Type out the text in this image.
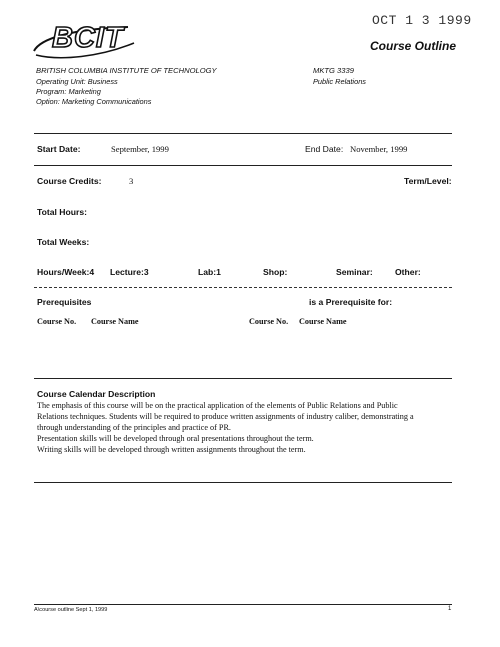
OCT 1 3 1999
BCIT	Course Outline
BRITISH COLUMBIA INSTITUTE OF TECHNOLOGY
Operating Unit: Business
Program: Marketing
Option: Marketing Communications
MKTG 3339
Public Relations
Start Date:	September, 1999	End Date: November, 1999
Course Credits:	3	Term/Level:
Total Hours:
Total Weeks:
Hours/Week:4 Lecture:3	Lab:1	Shop:	Seminar:	Other:
Prerequisites	is a Prerequisite for:
Course No. Course Name	Course No. Course Name
Course Calendar Description
The emphasis of this course will be on the practical application of the elements of Public Relations and Public
Relations techniques. Students will be required to produce written assignments of industry caliber, demonstrating a
through understanding of the principles and practice of PR.
Presentation skills will be developed through oral presentations throughout the term.
Writing skills will be developed through written assignments throughout the term.
A\course outline Sept 1, 1999	1
